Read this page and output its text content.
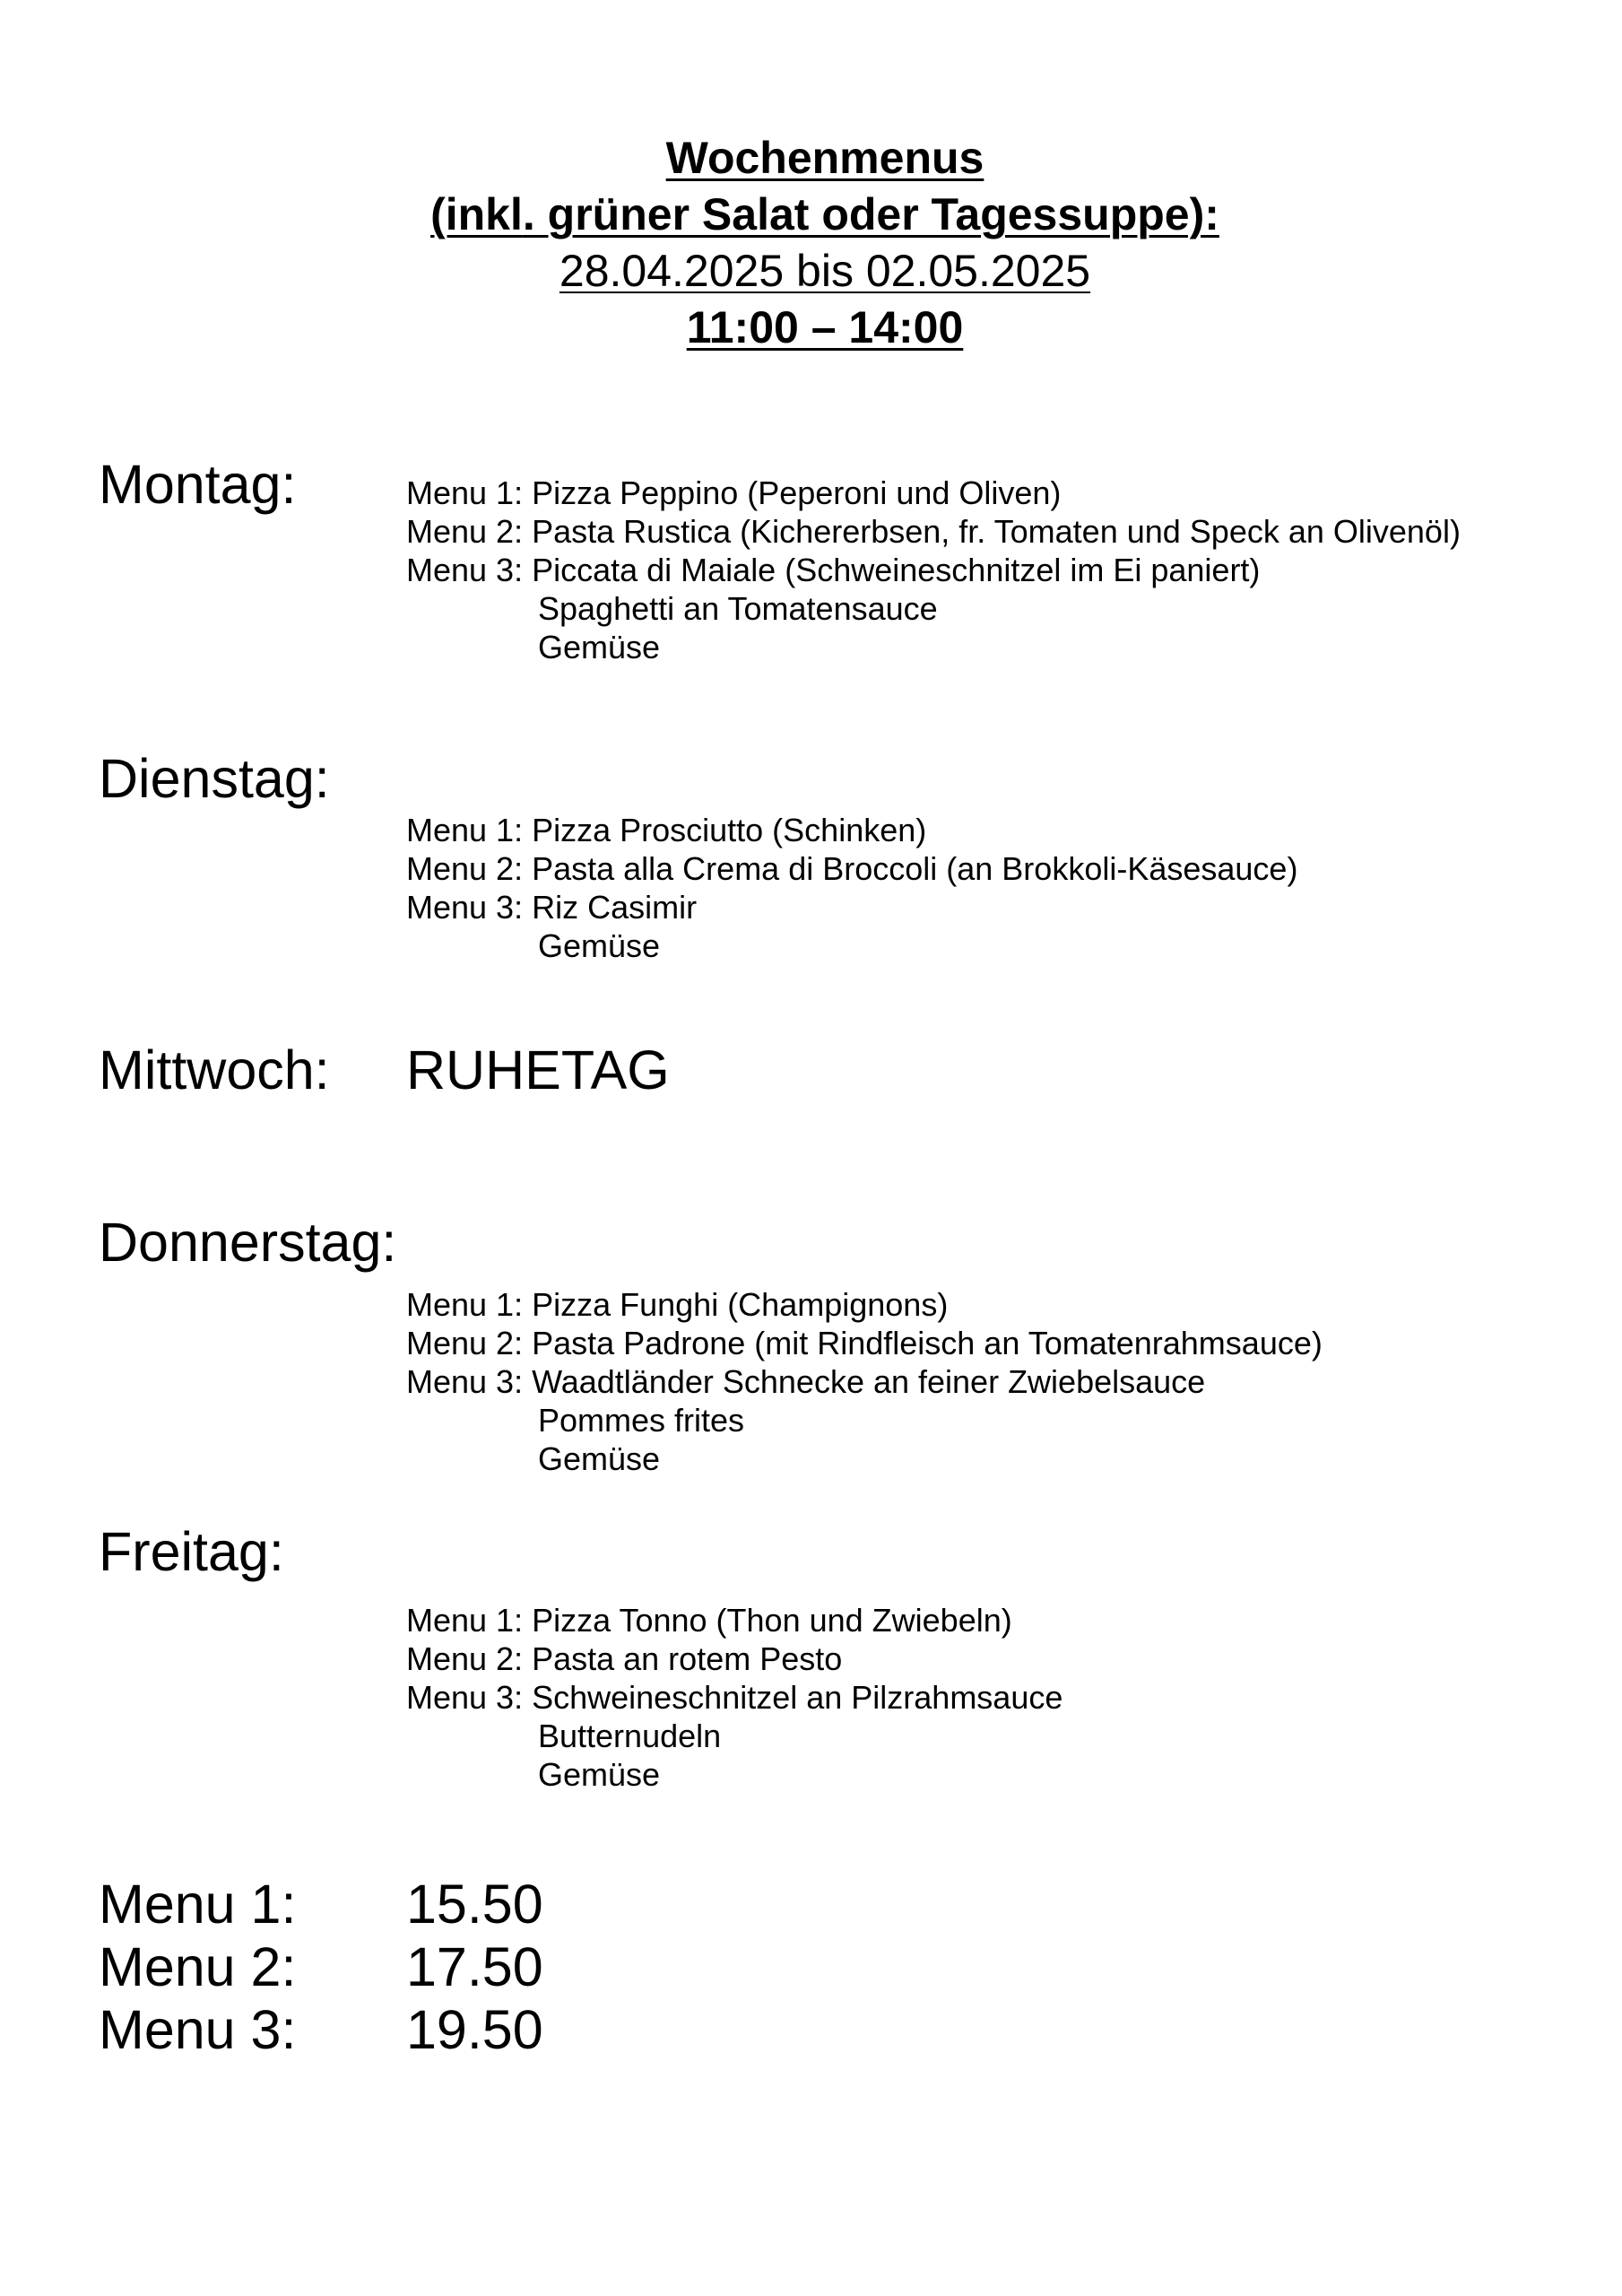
Wochenmenus
(inkl. grüner Salat oder Tagessuppe):
28.04.2025 bis 02.05.2025
11:00 – 14:00
Montag:	Menu 1: Pizza Peppino (Peperoni und Oliven)
Menu 2: Pasta Rustica (Kichererbsen, fr. Tomaten und Speck an Olivenöl)
Menu 3: Piccata di Maiale (Schweineschnitzel im Ei paniert)
Spaghetti an Tomatensauce
Gemüse
Dienstag:
Menu 1: Pizza Prosciutto (Schinken)
Menu 2: Pasta alla Crema di Broccoli (an Brokkoli-Käsesauce)
Menu 3: Riz Casimir
Gemüse
Mittwoch: RUHETAG
Donnerstag:
Menu 1: Pizza Funghi (Champignons)
Menu 2: Pasta Padrone (mit Rindfleisch an Tomatenrahmsauce)
Menu 3: Waadtländer Schnecke an feiner Zwiebelsauce
Pommes frites
Gemüse
Freitag:
Menu 1: Pizza Tonno (Thon und Zwiebeln)
Menu 2: Pasta an rotem Pesto
Menu 3: Schweineschnitzel an Pilzrahmsauce
Butternudeln
Gemüse
Menu 1:	15.50
Menu 2:	17.50
Menu 3:	19.50
